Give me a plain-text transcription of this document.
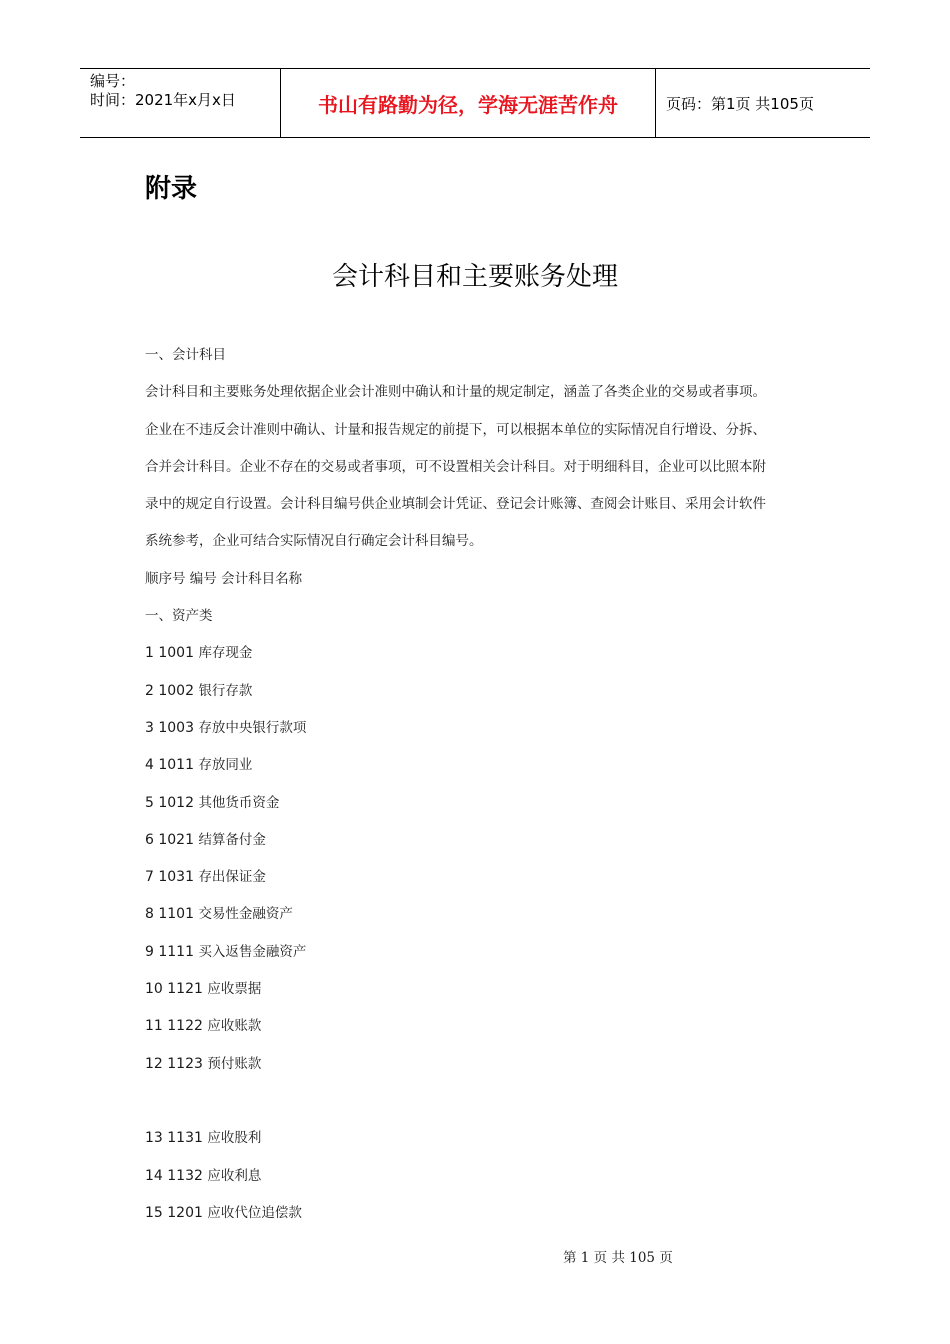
编号：
时间：2021年x月x日	书山有路勤为径，学海无涯苦作舟	页码：第1页 共105页
附录
会计科目和主要账务处理

一、会计科目

会计科目和主要账务处理依据企业会计准则中确认和计量的规定制定，涵盖了各类企业的交易或者事项。

企业在不违反会计准则中确认、计量和报告规定的前提下，可以根据本单位的实际情况自行增设、分拆、

合并会计科目。企业不存在的交易或者事项，可不设置相关会计科目。对于明细科目，企业可以比照本附

录中的规定自行设置。会计科目编号供企业填制会计凭证、登记会计账簿、查阅会计账目、采用会计软件

系统参考，企业可结合实际情况自行确定会计科目编号。

顺序号 编号 会计科目名称

一、资产类

1 1001 库存现金

2 1002 银行存款

3 1003 存放中央银行款项

4 1011 存放同业

5 1012 其他货币资金

6 1021 结算备付金

7 1031 存出保证金

8 1101 交易性金融资产

9 1111 买入返售金融资产

10 1121 应收票据

11 1122 应收账款

12 1123 预付账款

13 1131 应收股利

14 1132 应收利息

15 1201 应收代位追偿款

第 1 页 共 105 页
